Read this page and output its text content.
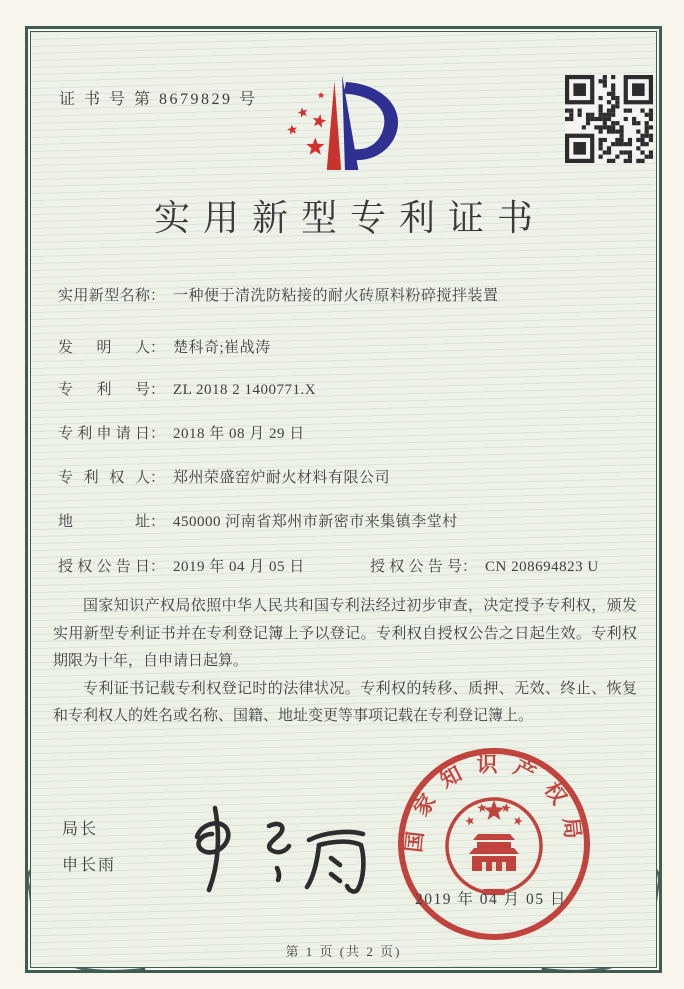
证 书 号 第 8679829 号
实用新型专利证书
实用新型名称： 一种便于清洗防粘接的耐火砖原料粉碎搅拌装置
发明人： 楚科奇;崔战涛
专利号： ZL 2018 2 1400771.X
专利申请日： 2018 年 08 月 29 日
专利权人： 郑州荣盛窑炉耐火材料有限公司
地址： 450000 河南省郑州市新密市来集镇李堂村
授权公告日： 2019 年 04 月 05 日	授权公告号： CN 208694823 U

国家知识产权局依照中华人民共和国专利法经过初步审查，决定授予专利权，颁发实用新型专利证书并在专利登记簿上予以登记。专利权自授权公告之日起生效。专利权期限为十年，自申请日起算。

专利证书记载专利权登记时的法律状况。专利权的转移、质押、无效、终止、恢复和专利权人的姓名或名称、国籍、地址变更等事项记载在专利登记簿上。

局长
申长雨
国家知识产权局
2019 年 04 月 05 日
第 1 页 (共 2 页)
